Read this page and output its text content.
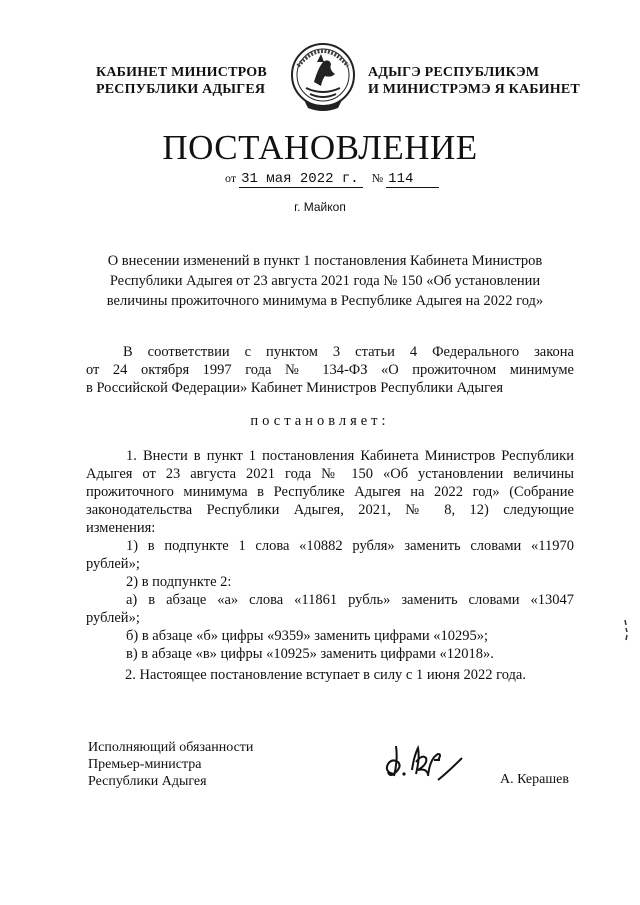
КАБИНЕТ МИНИСТРОВ
РЕСПУБЛИКИ АДЫГЕЯ
АДЫГЭ РЕСПУБЛИКЭМ
И МИНИСТРЭМЭ Я КАБИНЕТ
ПОСТАНОВЛЕНИЕ
от 31 мая 2022 г. № 114
г. Майкоп
О внесении изменений в пункт 1 постановления Кабинета Министров
Республики Адыгея от 23 августа 2021 года № 150 «Об установлении
величины прожиточного минимума в Республике Адыгея на 2022 год»
В соответствии с пунктом 3 статьи 4 Федерального закона
от 24 октября 1997 года № 134-ФЗ «О прожиточном минимуме
в Российской Федерации» Кабинет Министров Республики Адыгея
постановляет:
1. Внести в пункт 1 постановления Кабинета Министров Республики
Адыгея от 23 августа 2021 года № 150 «Об установлении величины
прожиточного минимума в Республике Адыгея на 2022 год» (Собрание
законодательства Республики Адыгея, 2021, № 8, 12) следующие
изменения:
1) в подпункте 1 слова «10882 рубля» заменить словами «11970
рублей»;
2) в подпункте 2:
а) в абзаце «а» слова «11861 рубль» заменить словами «13047
рублей»;
б) в абзаце «б» цифры «9359» заменить цифрами «10295»;
в) в абзаце «в» цифры «10925» заменить цифрами «12018».
2. Настоящее постановление вступает в силу с 1 июня 2022 года.
Исполняющий обязанности
Премьер-министра
Республики Адыгея	А. Керашев
